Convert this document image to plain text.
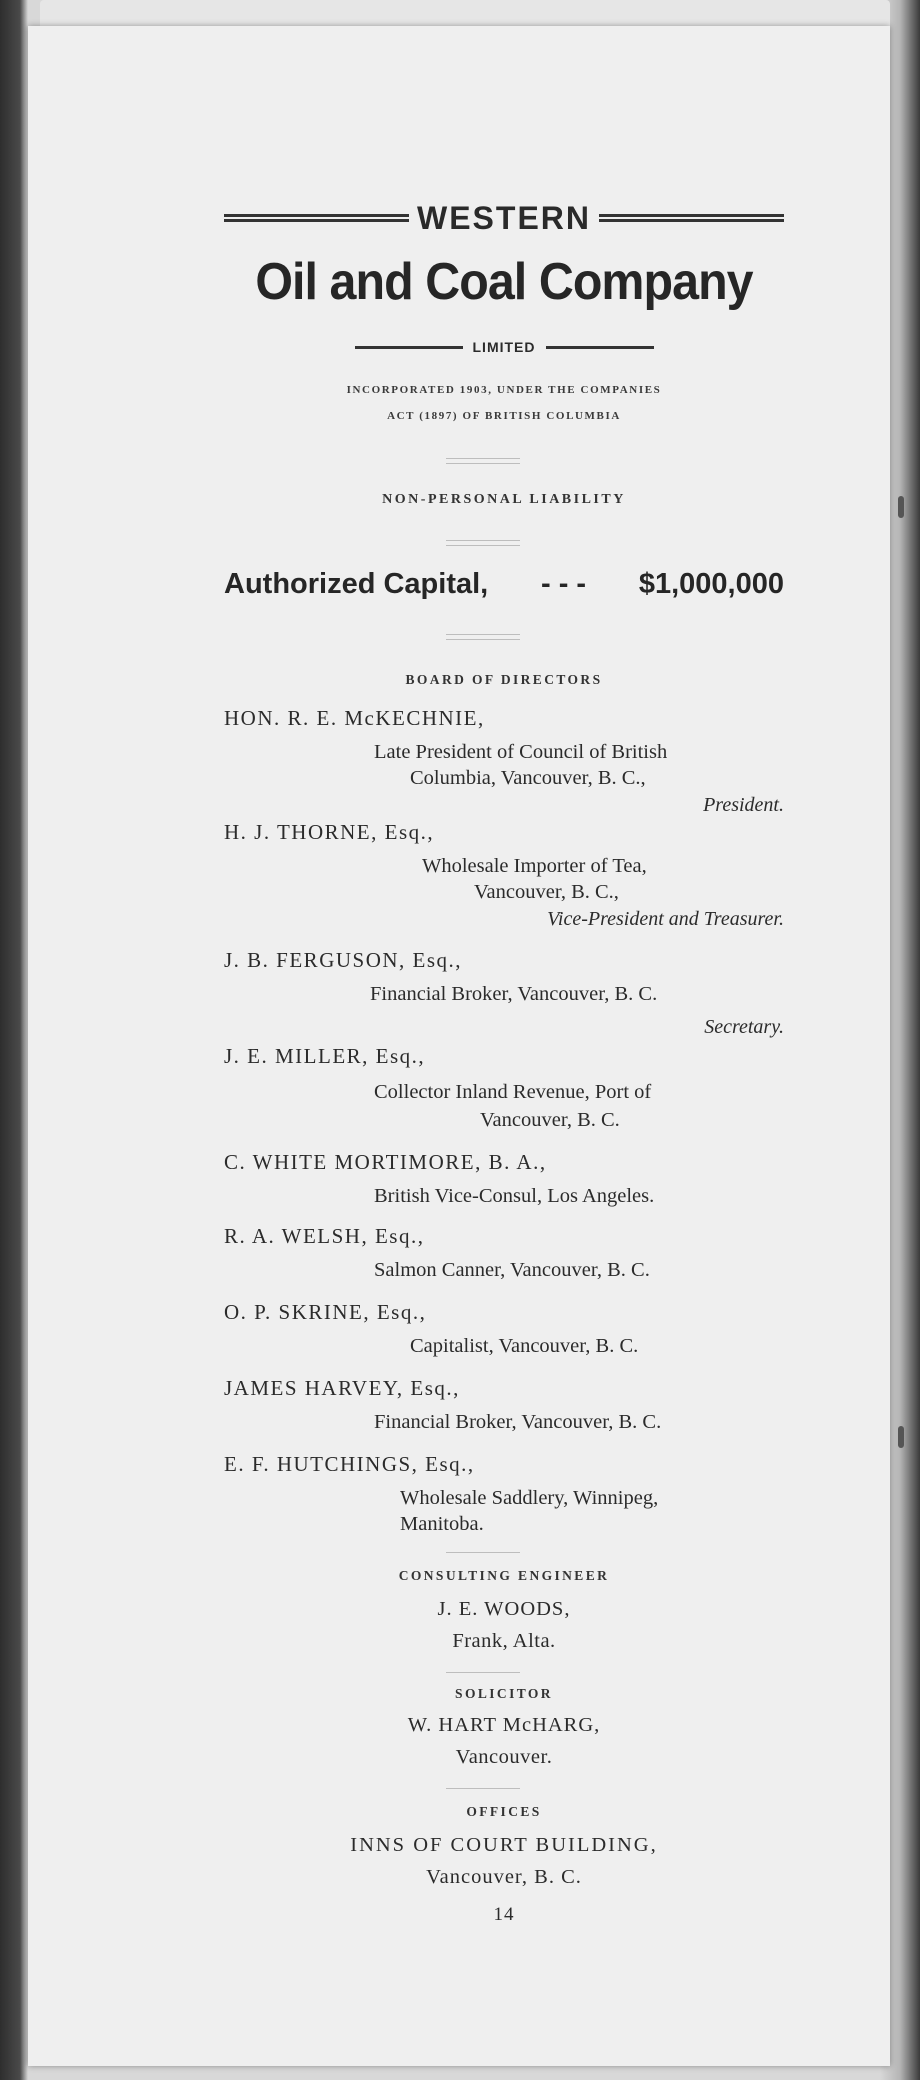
WESTERN
Oil and Coal Company
LIMITED
INCORPORATED 1903, UNDER THE COMPANIES
ACT (1897) OF BRITISH COLUMBIA
NON-PERSONAL LIABILITY
Authorized Capital, - - - $1,000,000
BOARD OF DIRECTORS
HON. R. E. McKECHNIE,
Late President of Council of British
Columbia, Vancouver, B. C.,
President.
H. J. THORNE, Esq.,
Wholesale Importer of Tea,
Vancouver, B. C.,
Vice-President and Treasurer.
J. B. FERGUSON, Esq.,
Financial Broker, Vancouver, B. C.
Secretary.
J. E. MILLER, Esq.,
Collector Inland Revenue, Port of
Vancouver, B. C.
C. WHITE MORTIMORE, B. A.,
British Vice-Consul, Los Angeles.
R. A. WELSH, Esq.,
Salmon Canner, Vancouver, B. C.
O. P. SKRINE, Esq.,
Capitalist, Vancouver, B. C.
JAMES HARVEY, Esq.,
Financial Broker, Vancouver, B. C.
E. F. HUTCHINGS, Esq.,
Wholesale Saddlery, Winnipeg,
Manitoba.
CONSULTING ENGINEER
J. E. WOODS,
Frank, Alta.
SOLICITOR
W. HART McHARG,
Vancouver.
OFFICES
INNS OF COURT BUILDING,
Vancouver, B. C.
14
